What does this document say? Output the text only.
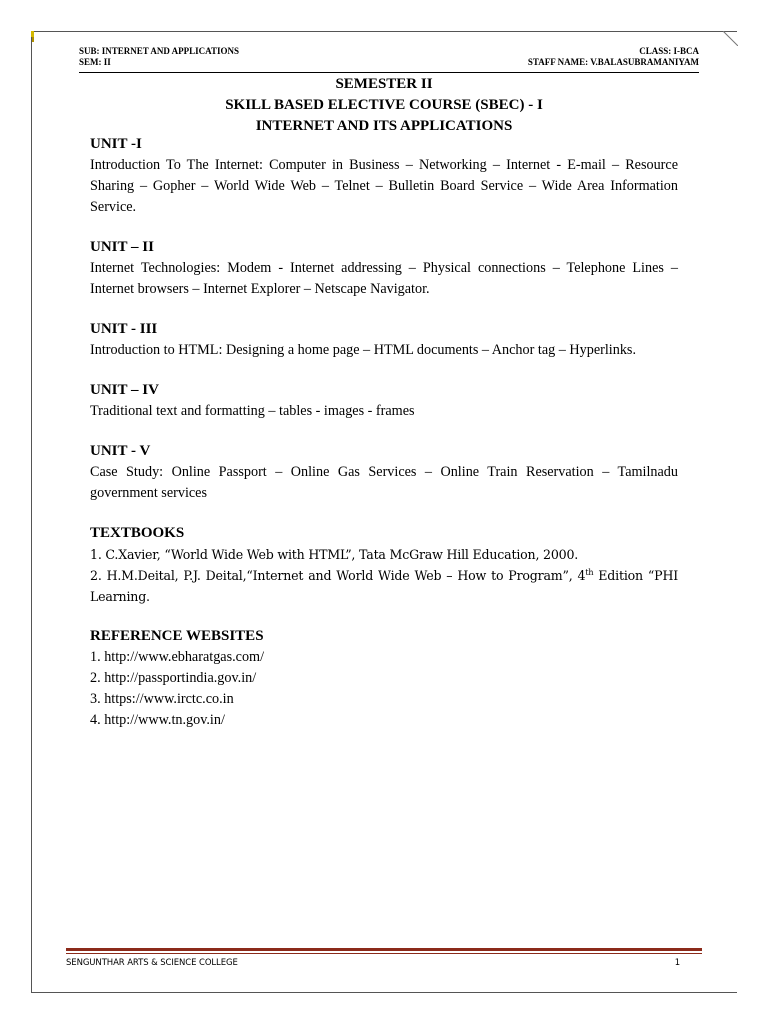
SUB: INTERNET AND APPLICATIONS	CLASS: I-BCA
SEM: II	STAFF NAME: V.BALASUBRAMANIYAM
SEMESTER II
SKILL BASED ELECTIVE COURSE (SBEC) - I
INTERNET AND ITS APPLICATIONS

UNIT -I

Introduction To The Internet: Computer in Business – Networking – Internet - E-mail – Resource Sharing – Gopher – World Wide Web – Telnet – Bulletin Board Service – Wide Area Information Service.

UNIT – II

Internet Technologies: Modem - Internet addressing – Physical connections – Telephone Lines – Internet browsers – Internet Explorer – Netscape Navigator.

UNIT - III

Introduction to HTML: Designing a home page – HTML documents – Anchor tag – Hyperlinks.

UNIT – IV

Traditional text and formatting – tables - images - frames

UNIT - V

Case Study: Online Passport – Online Gas Services – Online Train Reservation – Tamilnadu government services

TEXTBOOKS

1. C.Xavier, “World Wide Web with HTML”, Tata McGraw Hill Education, 2000.

2. H.M.Deital, P.J. Deital,“Internet and World Wide Web – How to Program”, 4th Edition “PHI Learning.

REFERENCE WEBSITES

1. http://www.ebharatgas.com/

2. http://passportindia.gov.in/

3. https://www.irctc.co.in

4. http://www.tn.gov.in/

SENGUNTHAR ARTS & SCIENCE COLLEGE	1
